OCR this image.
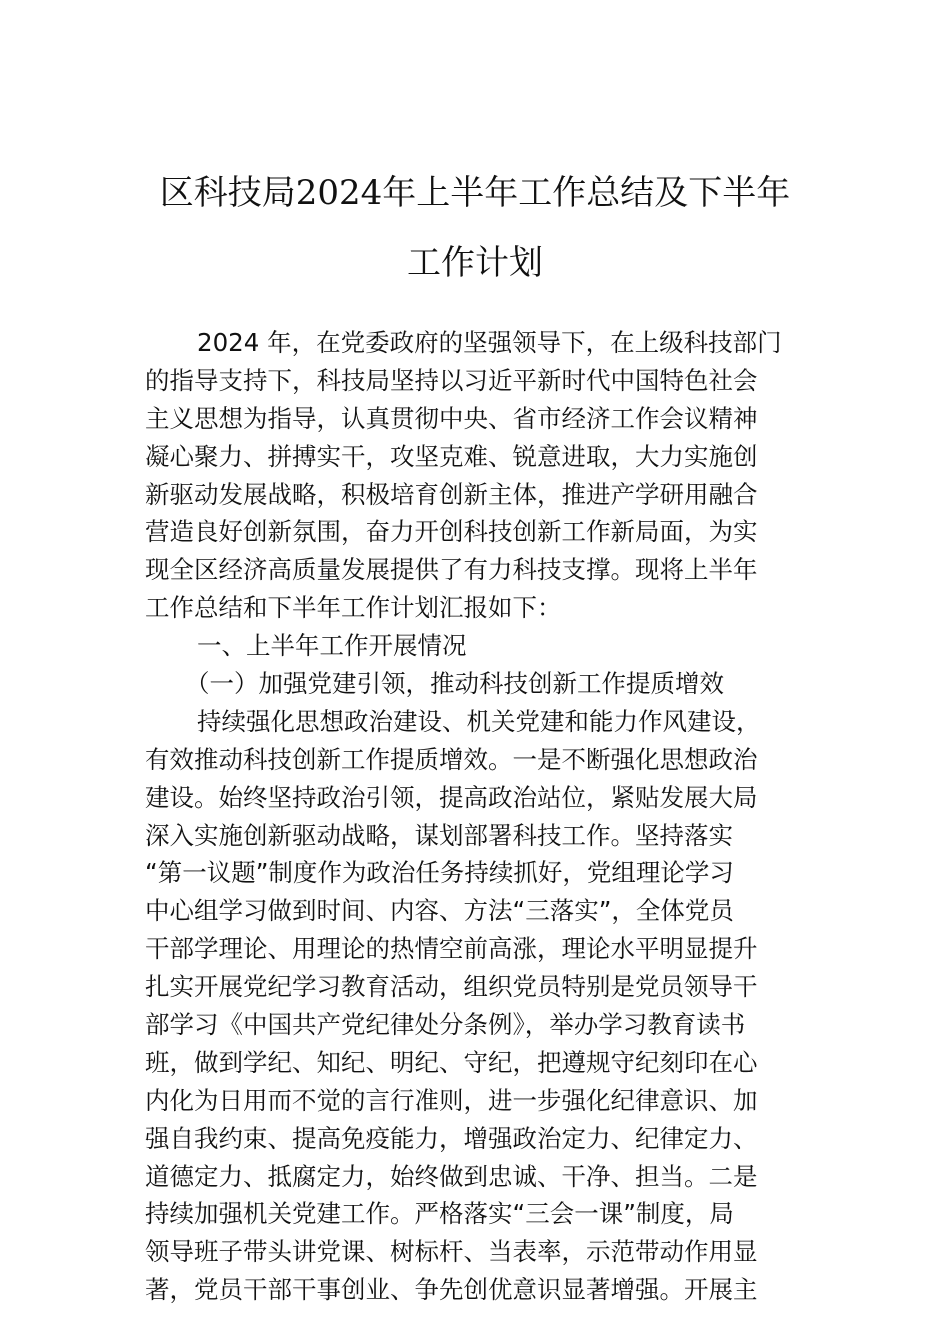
区科技局2024年上半年工作总结及下半年
工作计划
2024 年，在党委政府的坚强领导下，在上级科技部门
的指导支持下，科技局坚持以习近平新时代中国特色社会
主义思想为指导，认真贯彻中央、省市经济工作会议精神
凝心聚力、拼搏实干，攻坚克难、锐意进取，大力实施创
新驱动发展战略，积极培育创新主体，推进产学研用融合
营造良好创新氛围，奋力开创科技创新工作新局面，为实
现全区经济高质量发展提供了有力科技支撑。现将上半年
工作总结和下半年工作计划汇报如下：
一、上半年工作开展情况
（一）加强党建引领，推动科技创新工作提质增效
持续强化思想政治建设、机关党建和能力作风建设，
有效推动科技创新工作提质增效。一是不断强化思想政治
建设。始终坚持政治引领，提高政治站位，紧贴发展大局
深入实施创新驱动战略，谋划部署科技工作。坚持落实
“第一议题”制度作为政治任务持续抓好，党组理论学习
中心组学习做到时间、内容、方法“三落实”，全体党员
干部学理论、用理论的热情空前高涨，理论水平明显提升
扎实开展党纪学习教育活动，组织党员特别是党员领导干
部学习《中国共产党纪律处分条例》，举办学习教育读书
班，做到学纪、知纪、明纪、守纪，把遵规守纪刻印在心
内化为日用而不觉的言行准则，进一步强化纪律意识、加
强自我约束、提高免疫能力，增强政治定力、纪律定力、
道德定力、抵腐定力，始终做到忠诚、干净、担当。二是
持续加强机关党建工作。严格落实“三会一课”制度，局
领导班子带头讲党课、树标杆、当表率，示范带动作用显
著，党员干部干事创业、争先创优意识显著增强。开展主
